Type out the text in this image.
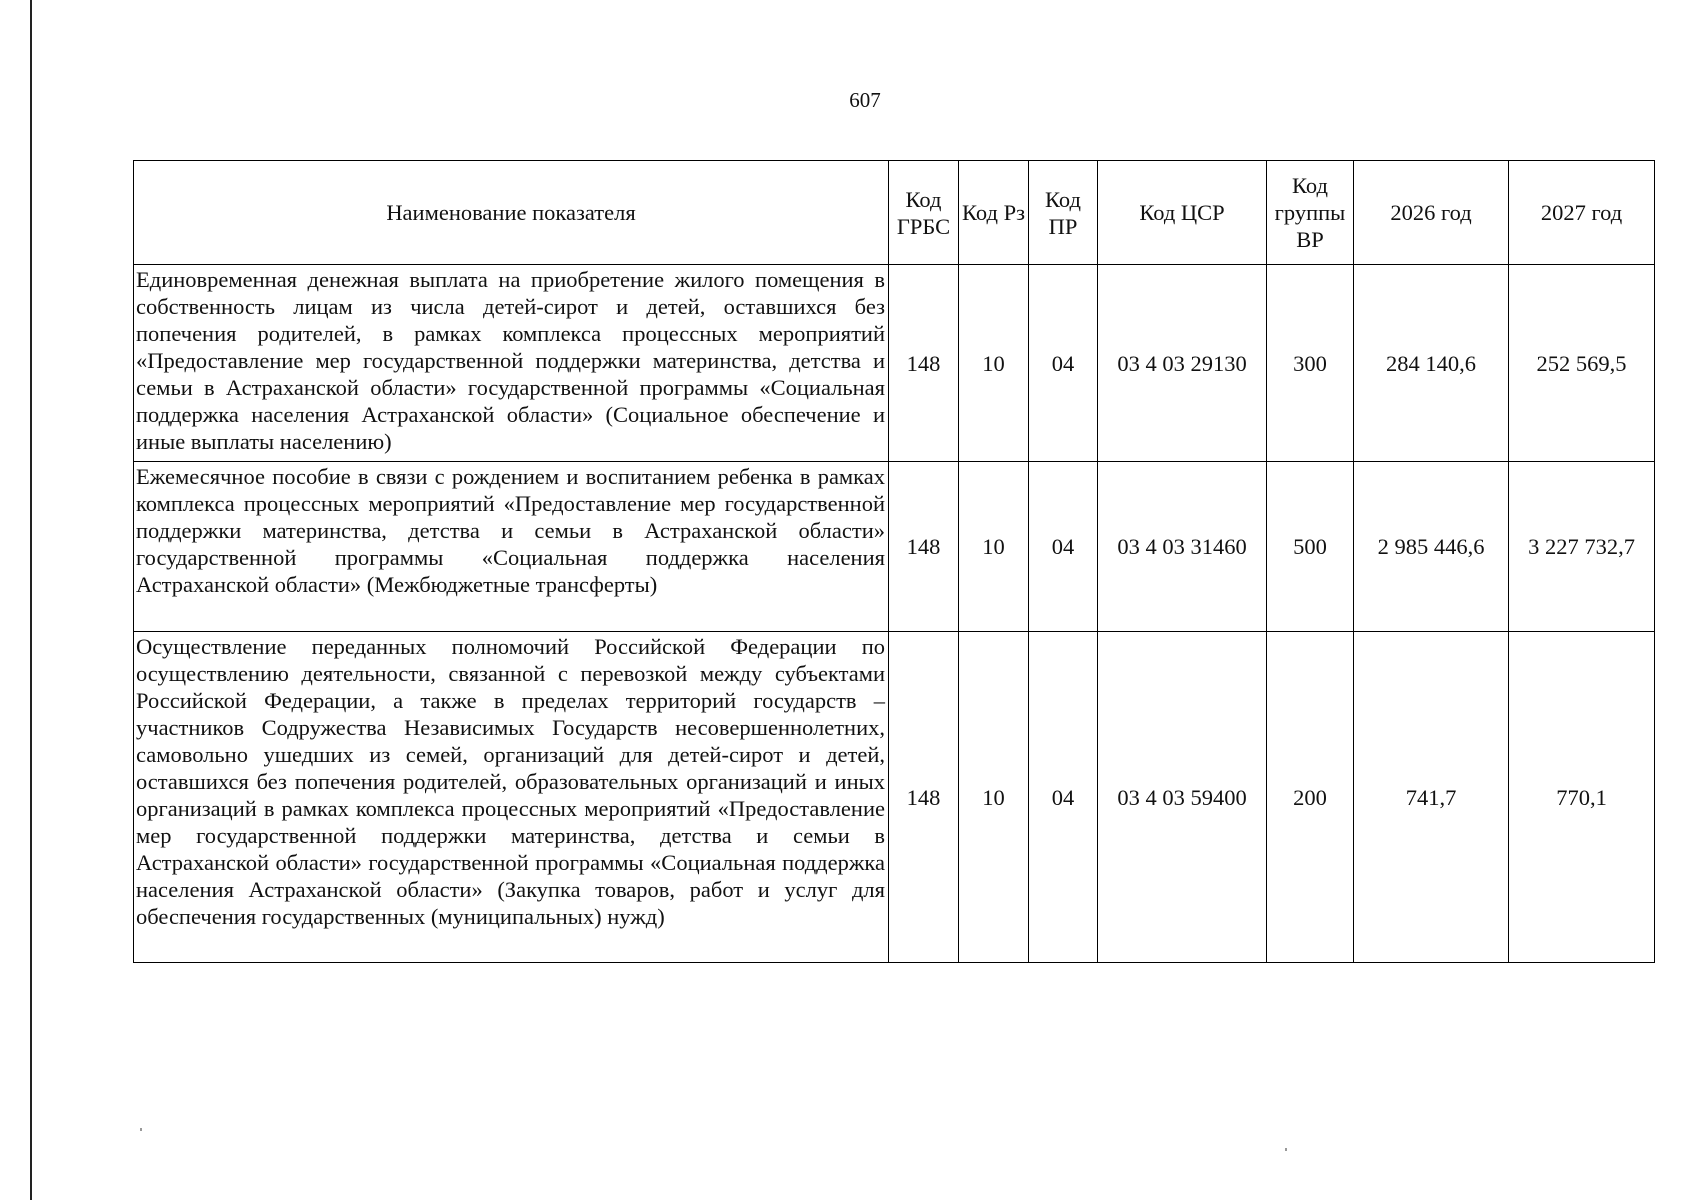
607
Наименование показателя	Код ГРБС	Код Рз	Код ПР	Код ЦСР	Код группы ВР	2026 год	2027 год
Единовременная денежная выплата на приобретение жилого помещения в собственность лицам из числа детей-сирот и детей, оставшихся без попечения родителей, в рамках комплекса процессных мероприятий «Предоставление мер государственной поддержки материнства, детства и семьи в Астраханской области» государственной программы «Социальная поддержка населения Астраханской области» (Социальное обеспечение и иные выплаты населению)	148	10	04	03 4 03 29130	300	284 140,6	252 569,5
Ежемесячное пособие в связи с рождением и воспитанием ребенка в рамках комплекса процессных мероприятий «Предоставление мер государственной поддержки материнства, детства и семьи в Астраханской области» государственной программы «Социальная поддержка населения Астраханской области» (Межбюджетные трансферты)	148	10	04	03 4 03 31460	500	2 985 446,6	3 227 732,7
Осуществление переданных полномочий Российской Федерации по осуществлению деятельности, связанной с перевозкой между субъектами Российской Федерации, а также в пределах территорий государств – участников Содружества Независимых Государств несовершеннолетних, самовольно ушедших из семей, организаций для детей-сирот и детей, оставшихся без попечения родителей, образовательных организаций и иных организаций в рамках комплекса процессных мероприятий «Предоставление мер государственной поддержки материнства, детства и семьи в Астраханской области» государственной программы «Социальная поддержка населения Астраханской области» (Закупка товаров, работ и услуг для обеспечения государственных (муниципальных) нужд)	148	10	04	03 4 03 59400	200	741,7	770,1
